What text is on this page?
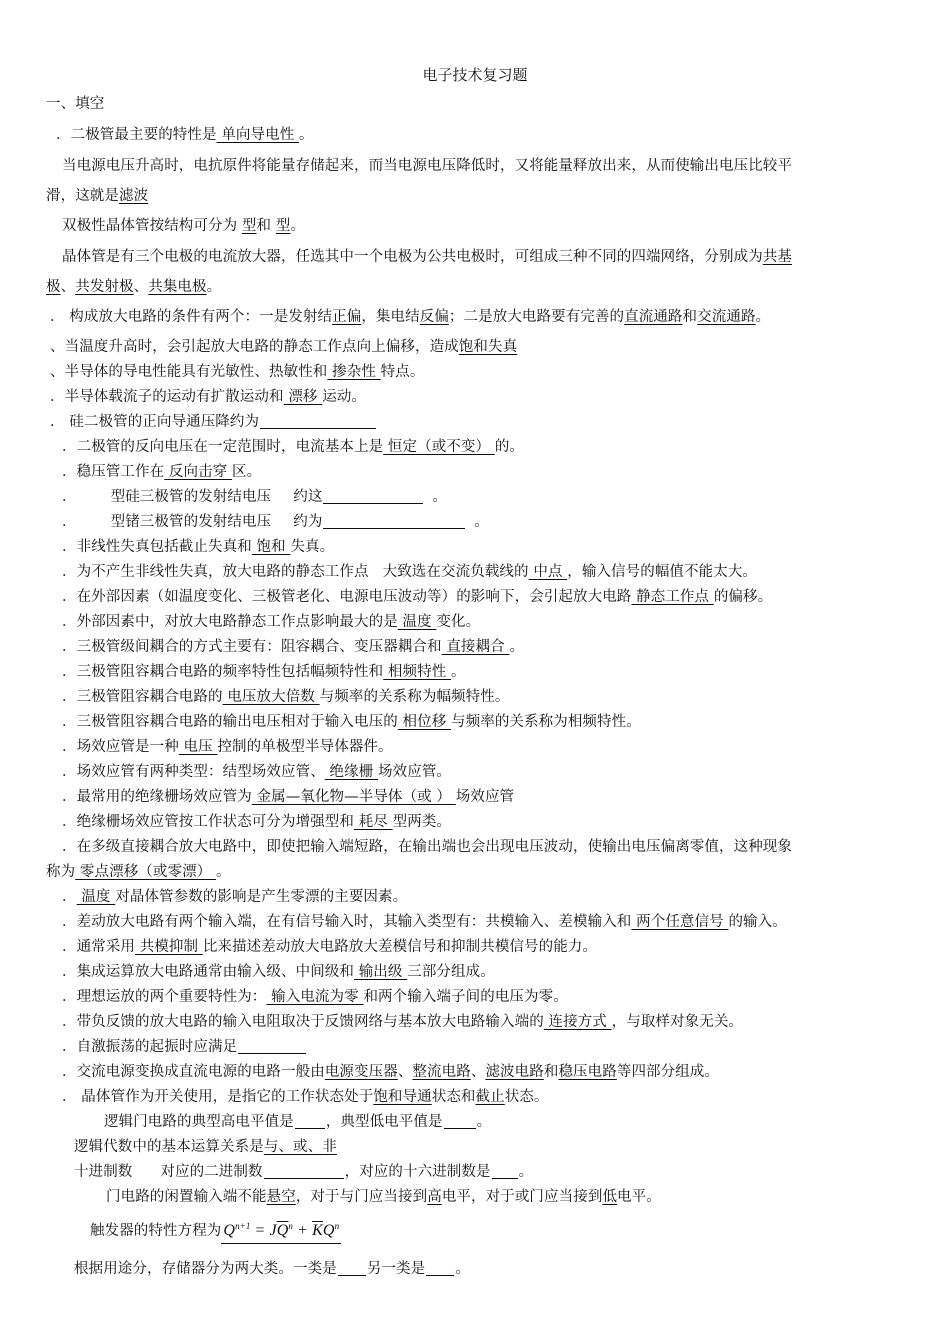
电子技术复习题
一、填空
．二极管最主要的特性是 单向导电性 。
当电源电压升高时，电抗原件将能量存储起来，而当电源电压降低时，又将能量释放出来，从而使输出电压比较平
滑，这就是滤波
双极性晶体管按结构可分为 型和 型。
晶体管是有三个电极的电流放大器，任选其中一个电极为公共电极时，可组成三种不同的四端网络，分别成为共基
极、共发射极、共集电极。
． 构成放大电路的条件有两个：一是发射结正偏，集电结反偏；二是放大电路要有完善的直流通路和交流通路。
、当温度升高时，会引起放大电路的静态工作点向上偏移，造成饱和失真
、半导体的导电性能具有光敏性、热敏性和 掺杂性 特点。
．半导体载流子的运动有扩散运动和 漂移 运动。
． 硅二极管的正向导通压降约为
．二极管的反向电压在一定范围时，电流基本上是 恒定（或不变） 的。
．稳压管工作在 反向击穿 区。
． 型硅三极管的发射结电压 约这	。
． 型锗三极管的发射结电压 约为	。
．非线性失真包括截止失真和 饱和 失真。
．为不产生非线性失真，放大电路的静态工作点 大致选在交流负载线的 中点 ，输入信号的幅值不能太大。
．在外部因素（如温度变化、三极管老化、电源电压波动等）的影响下，会引起放大电路 静态工作点 的偏移。
．外部因素中，对放大电路静态工作点影响最大的是 温度 变化。
．三极管级间耦合的方式主要有：阻容耦合、变压器耦合和 直接耦合 。
．三极管阻容耦合电路的频率特性包括幅频特性和 相频特性 。
．三极管阻容耦合电路的 电压放大倍数 与频率的关系称为幅频特性。
．三极管阻容耦合电路的输出电压相对于输入电压的 相位移 与频率的关系称为相频特性。
．场效应管是一种 电压 控制的单极型半导体器件。
．场效应管有两种类型：结型场效应管、 绝缘栅 场效应管。
．最常用的绝缘栅场效应管为 金属—氧化物—半导体（或 ） 场效应管
．绝缘栅场效应管按工作状态可分为增强型和 耗尽 型两类。
．在多级直接耦合放大电路中，即使把输入端短路，在输出端也会出现电压波动，使输出电压偏离零值，这种现象
称为 零点漂移（或零漂） 。
． 温度 对晶体管参数的影响是产生零漂的主要因素。
．差动放大电路有两个输入端，在有信号输入时，其输入类型有：共模输入、差模输入和 两个任意信号 的输入。
．通常采用 共模抑制 比来描述差动放大电路放大差模信号和抑制共模信号的能力。
．集成运算放大电路通常由输入级、中间级和 输出级 三部分组成。
．理想运放的两个重要特性为： 输入电流为零 和两个输入端子间的电压为零。
．带负反馈的放大电路的输入电阻取决于反馈网络与基本放大电路输入端的 连接方式 ，与取样对象无关。
．自激振荡的起振时应满足
．交流电源变换成直流电源的电路一般由电源变压器、整流电路、滤波电路和稳压电路等四部分组成。
． 晶体管作为开关使用，是指它的工作状态处于饱和导通状态和截止状态。
逻辑门电路的典型高电平值是 ，典型低电平值是 。
逻辑代数中的基本运算关系是与、或、非
十进制数 对应的二进制数	，对应的十六进制数是 。
门电路的闲置输入端不能悬空，对于与门应当接到高电平，对于或门应当接到低电平。
触发器的特性方程为 $Q^{n+1} = J\overline{Q}^n + \overline{K}Q^n$
根据用途分，存储器分为两大类。一类是 另一类是 。
